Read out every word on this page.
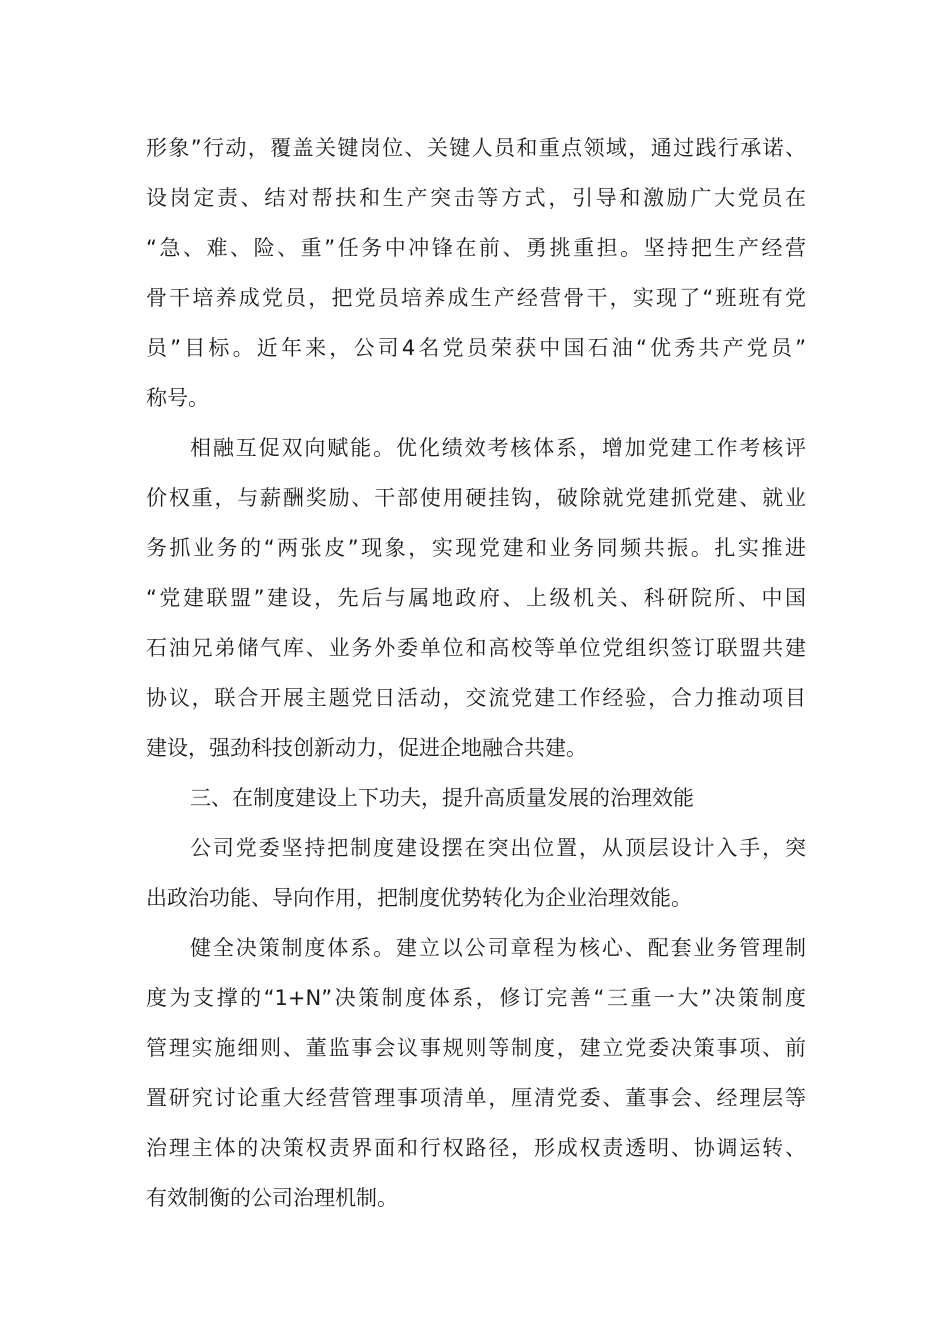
形象”行动，覆盖关键岗位、关键人员和重点领域，通过践行承诺、
设岗定责、结对帮扶和生产突击等方式，引导和激励广大党员在
“急、难、险、重”任务中冲锋在前、勇挑重担。坚持把生产经营
骨干培养成党员，把党员培养成生产经营骨干，实现了“班班有党
员”目标。近年来，公司4名党员荣获中国石油“优秀共产党员”
称号。
相融互促双向赋能。优化绩效考核体系，增加党建工作考核评
价权重，与薪酬奖励、干部使用硬挂钩，破除就党建抓党建、就业
务抓业务的“两张皮”现象，实现党建和业务同频共振。扎实推进
“党建联盟”建设，先后与属地政府、上级机关、科研院所、中国
石油兄弟储气库、业务外委单位和高校等单位党组织签订联盟共建
协议，联合开展主题党日活动，交流党建工作经验，合力推动项目
建设，强劲科技创新动力，促进企地融合共建。
三、在制度建设上下功夫，提升高质量发展的治理效能
公司党委坚持把制度建设摆在突出位置，从顶层设计入手，突
出政治功能、导向作用，把制度优势转化为企业治理效能。
健全决策制度体系。建立以公司章程为核心、配套业务管理制
度为支撑的“1+N”决策制度体系，修订完善“三重一大”决策制度
管理实施细则、董监事会议事规则等制度，建立党委决策事项、前
置研究讨论重大经营管理事项清单，厘清党委、董事会、经理层等
治理主体的决策权责界面和行权路径，形成权责透明、协调运转、
有效制衡的公司治理机制。
